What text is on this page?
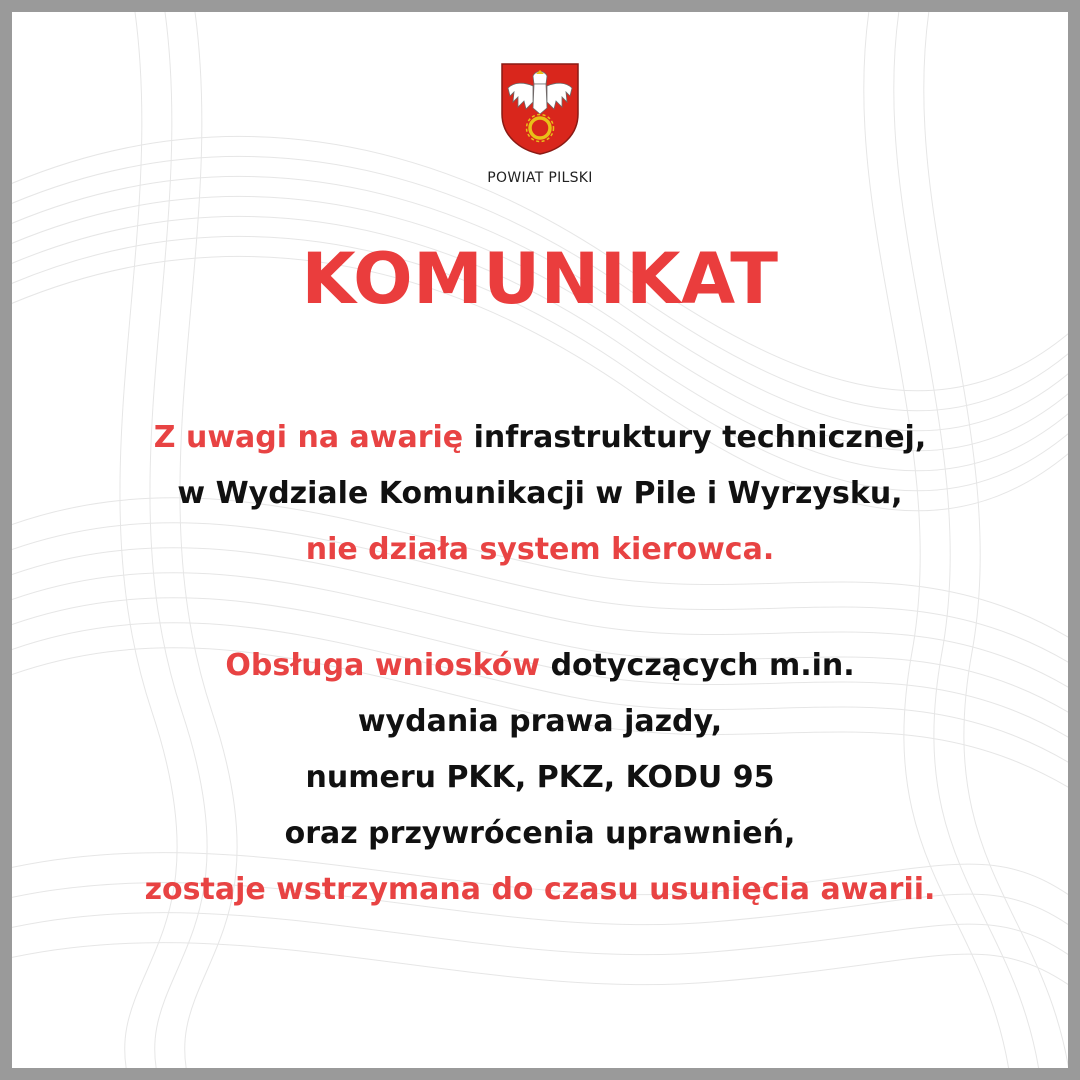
POWIAT PILSKI
KOMUNIKAT
Z uwagi na awarię infrastruktury technicznej,
w Wydziale Komunikacji w Pile i Wyrzysku,
nie działa system kierowca.
Obsługa wniosków dotyczących m.in.
wydania prawa jazdy,
numeru PKK, PKZ, KODU 95
oraz przywrócenia uprawnień,
zostaje wstrzymana do czasu usunięcia awarii.
